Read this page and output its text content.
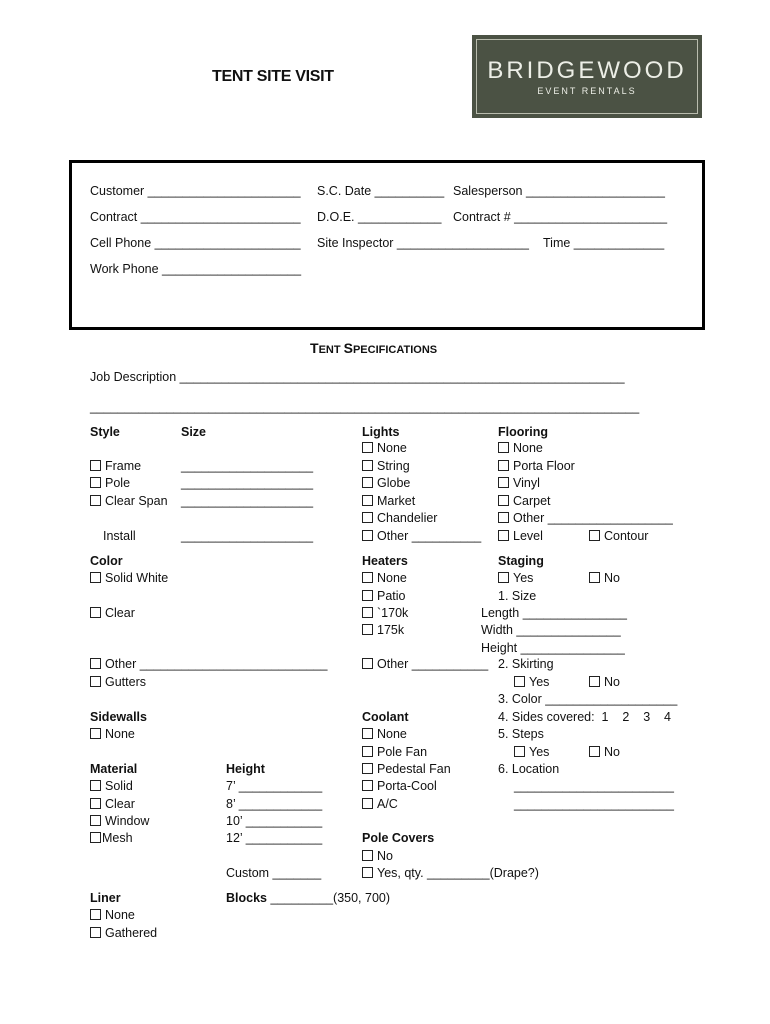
TENT SITE VISIT	BRIDGEWOOD
EVENT RENTALS
Customer ______________________ S.C. Date __________ Salesperson ____________________
Contract _______________________ D.O.E. ____________ Contract # ______________________
Cell Phone _____________________ Site Inspector ___________________ Time _____________
Work Phone ____________________
TENT SPECIFICATIONS
Job Description ________________________________________________________________
_______________________________________________________________________________
Style	Size
Frame	___________________
Pole	___________________
Clear Span ___________________
Install	___________________
Color
Solid White
Clear
Other ___________________________
Gutters
Sidewalls
None
Material
Solid
Clear
Window
Mesh
Height
7’ ____________
8’ ____________
10’ ___________
12’ ___________
Custom _______
Liner
None
Gathered
Blocks _________(350, 700)
Lights
None
String
Globe
Market
Chandelier
Other __________
Heaters
None
Patio
`170k
175k
Other ___________
Coolant
None
Pole Fan
Pedestal Fan
Porta-Cool
A/C
Pole Covers
No
Yes, qty. _________(Drape?)
Flooring
None
Porta Floor
Vinyl
Carpet
Other __________________
Level	Contour
Staging
Yes	No
1. Size
Length _______________
Width _______________
Height _______________
2. Skirting
Yes	No
3. Color ___________________
4. Sides covered:  1    2    3    4
5. Steps
Yes	No
6. Location
_______________________
_______________________
